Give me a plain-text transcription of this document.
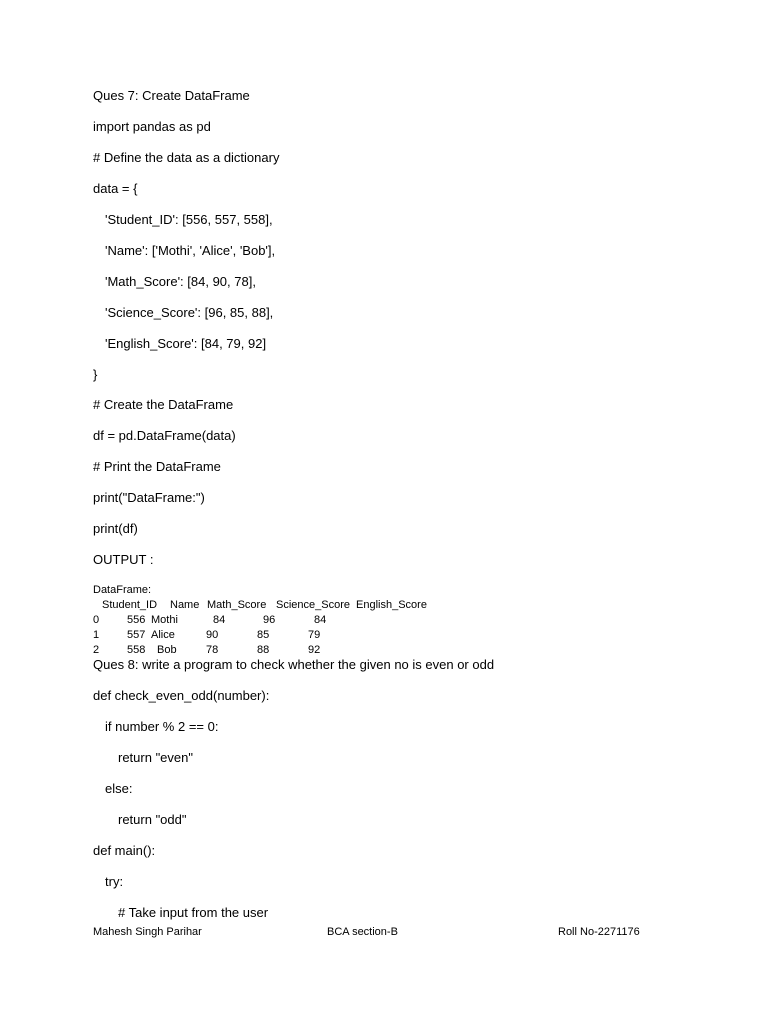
Ques 7: Create DataFrame
import pandas as pd
# Define the data as a dictionary
data = {
'Student_ID': [556, 557, 558],
'Name': ['Mothi', 'Alice', 'Bob'],
'Math_Score': [84, 90, 78],
'Science_Score': [96, 85, 88],
'English_Score': [84, 79, 92]
}
# Create the DataFrame
df = pd.DataFrame(data)
# Print the DataFrame
print("DataFrame:")
print(df)
OUTPUT :
DataFrame:
Student_ID Name Math_Score Science_Score English_Score
0	556 Mothi	84	96	84
1	557 Alice	90	85	79
2	558 Bob	78	88	92
Ques 8: write a program to check whether the given no is even or odd
def check_even_odd(number):
if number % 2 == 0:
return "even"
else:
return "odd"
def main():
try:
# Take input from the user
Mahesh Singh Parihar	BCA section-B	Roll No-2271176
